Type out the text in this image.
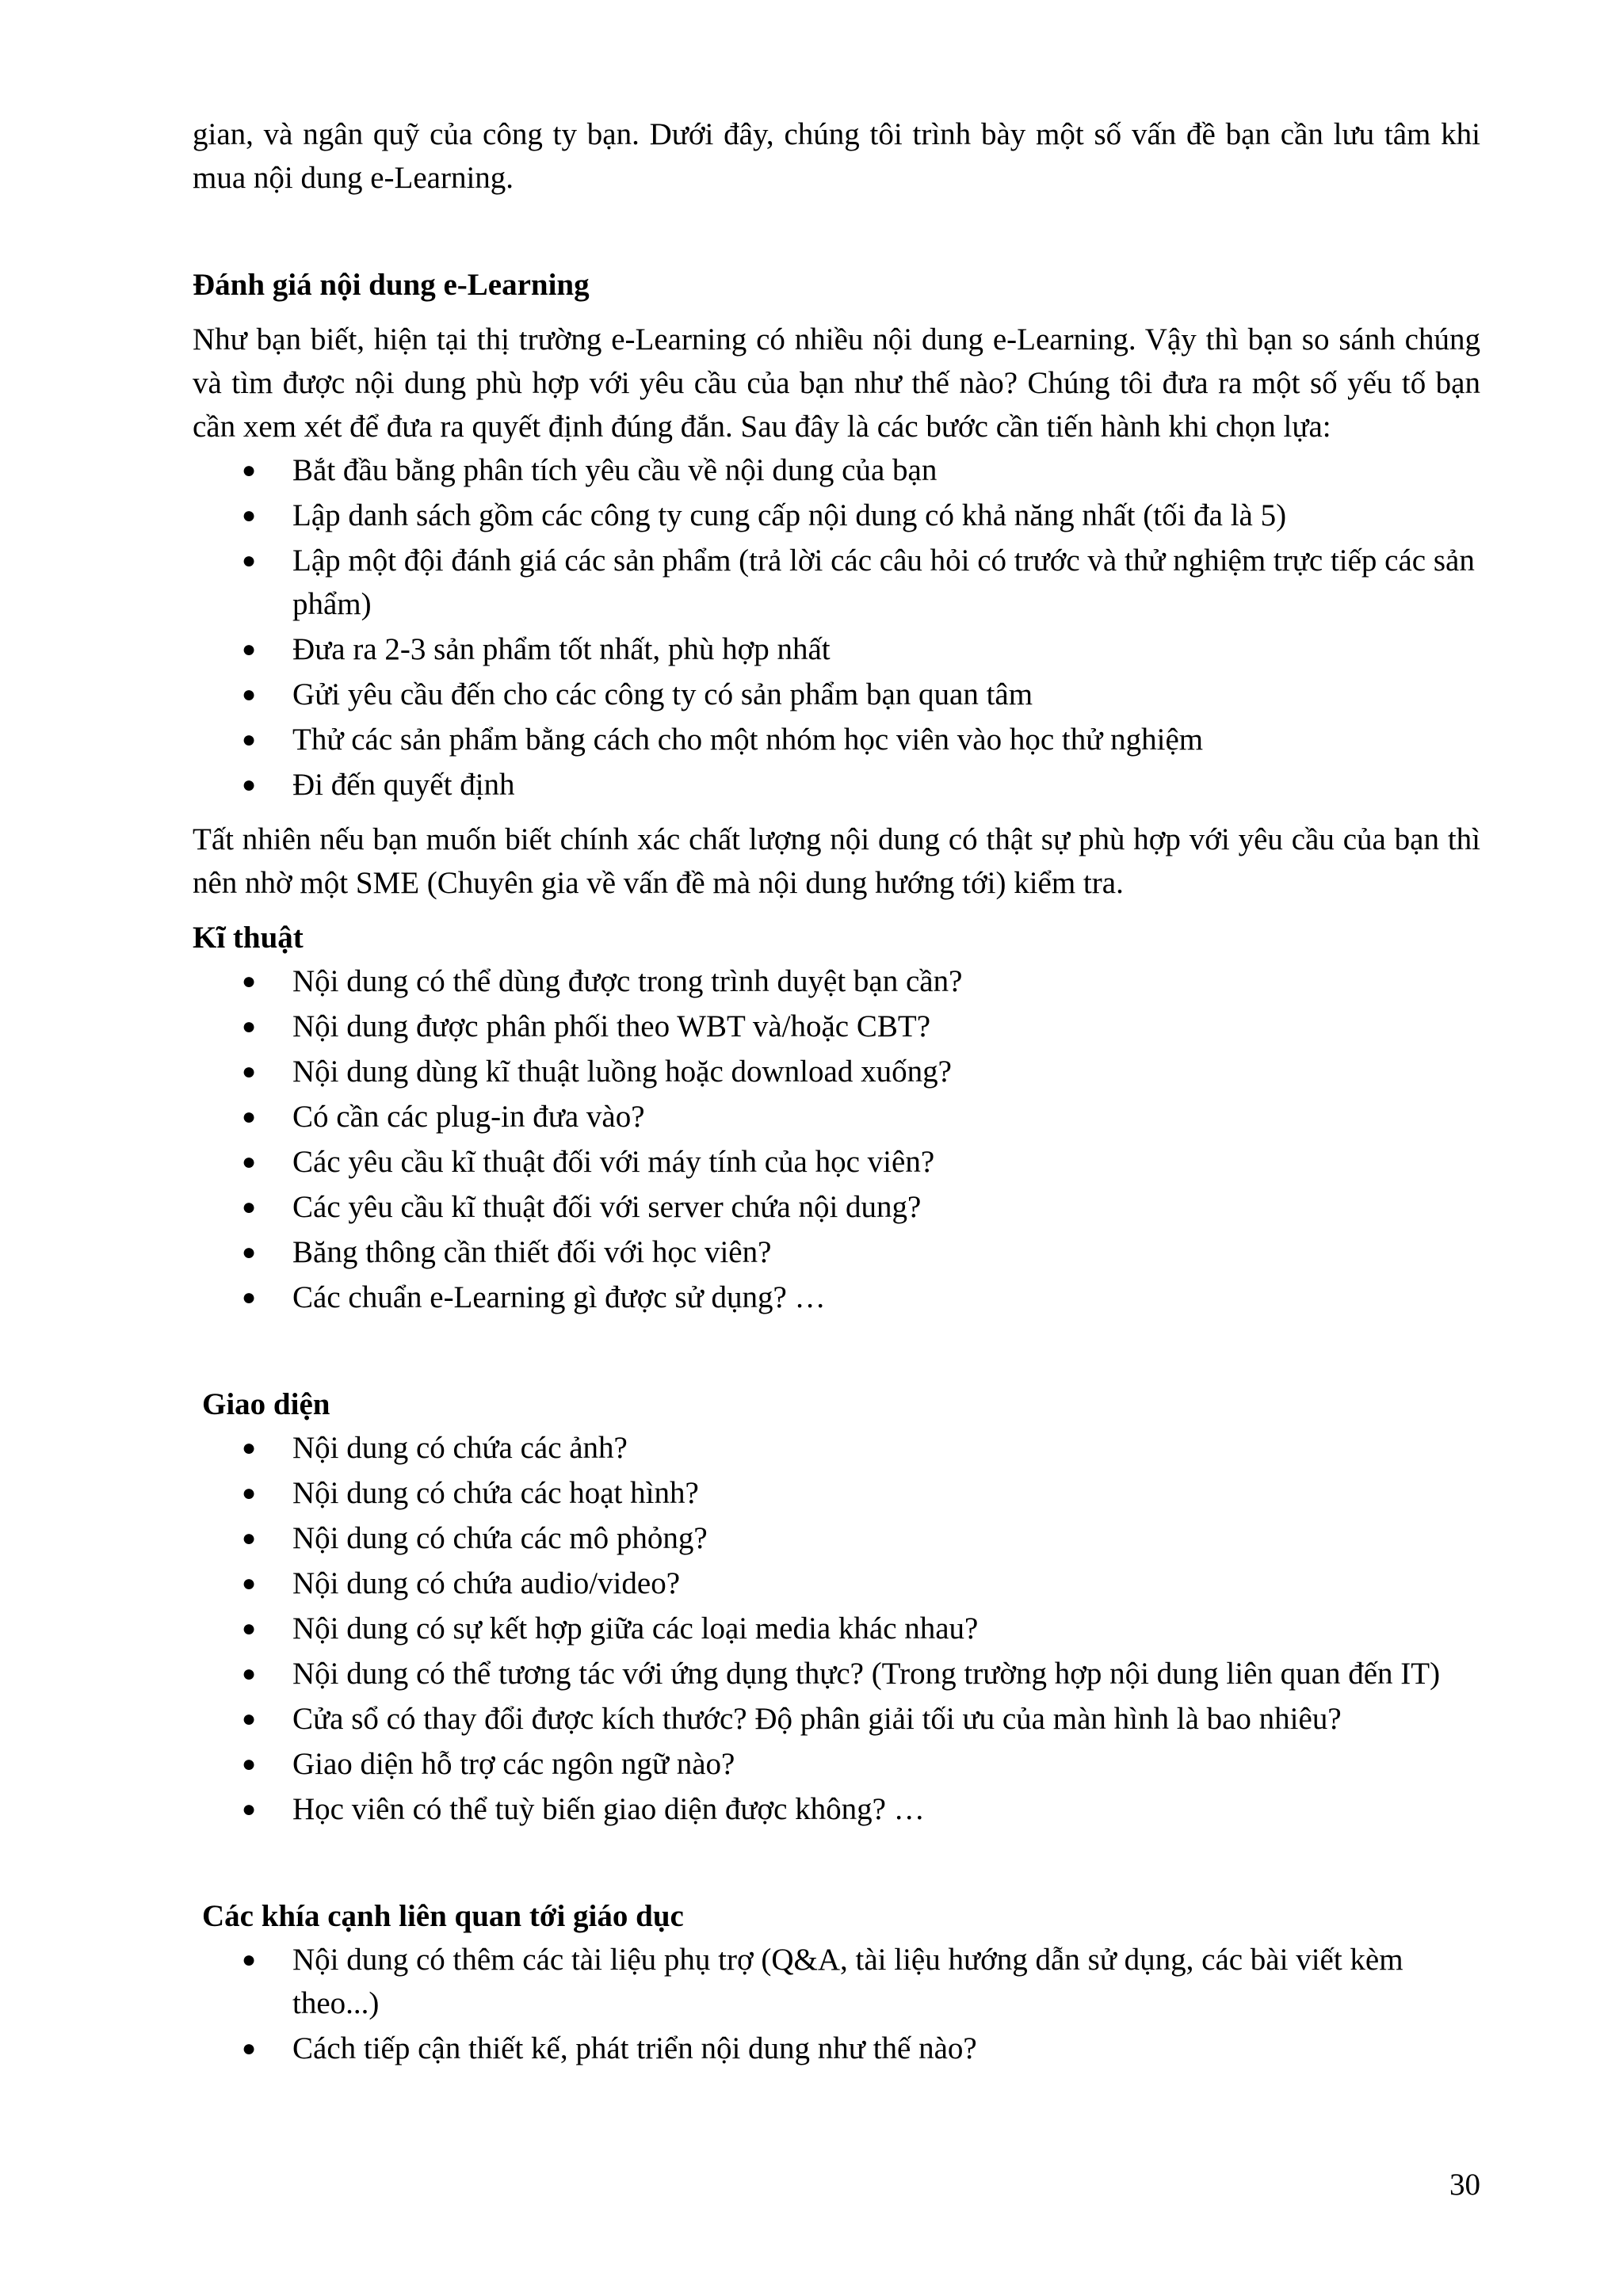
gian, và ngân quỹ của công ty bạn. Dưới đây, chúng tôi trình bày một số vấn đề bạn cần lưu tâm khi mua nội dung e-Learning.

Đánh giá nội dung e-Learning

Như bạn biết, hiện tại thị trường e-Learning có nhiều nội dung e-Learning. Vậy thì bạn so sánh chúng và tìm được nội dung phù hợp với yêu cầu của bạn như thế nào? Chúng tôi đưa ra một số yếu tố bạn cần xem xét để đưa ra quyết định đúng đắn. Sau đây là các bước cần tiến hành khi chọn lựa:

● Bắt đầu bằng phân tích yêu cầu về nội dung của bạn
● Lập danh sách gồm các công ty cung cấp nội dung có khả năng nhất (tối đa là 5)
● Lập một đội đánh giá các sản phẩm (trả lời các câu hỏi có trước và thử nghiệm trực tiếp các sản phẩm)
● Đưa ra 2-3 sản phẩm tốt nhất, phù hợp nhất
● Gửi yêu cầu đến cho các công ty có sản phẩm bạn quan tâm
● Thử các sản phẩm bằng cách cho một nhóm học viên vào học thử nghiệm
● Đi đến quyết định

Tất nhiên nếu bạn muốn biết chính xác chất lượng nội dung có thật sự phù hợp với yêu cầu của bạn thì nên nhờ một SME (Chuyên gia về vấn đề mà nội dung hướng tới) kiểm tra.

Kĩ thuật
● Nội dung có thể dùng được trong trình duyệt bạn cần?
● Nội dung được phân phối theo WBT và/hoặc CBT?
● Nội dung dùng kĩ thuật luồng hoặc download xuống?
● Có cần các plug-in đưa vào?
● Các yêu cầu kĩ thuật đối với máy tính của học viên?
● Các yêu cầu kĩ thuật đối với server chứa nội dung?
● Băng thông cần thiết đối với học viên?
● Các chuẩn e-Learning gì được sử dụng? …
Giao diện
● Nội dung có chứa các ảnh?
● Nội dung có chứa các hoạt hình?
● Nội dung có chứa các mô phỏng?
● Nội dung có chứa audio/video?
● Nội dung có sự kết hợp giữa các loại media khác nhau?
● Nội dung có thể tương tác với ứng dụng thực? (Trong trường hợp nội dung liên quan đến IT)
● Cửa sổ có thay đổi được kích thước? Độ phân giải tối ưu của màn hình là bao nhiêu?
● Giao diện hỗ trợ các ngôn ngữ nào?
● Học viên có thể tuỳ biến giao diện được không? …
Các khía cạnh liên quan tới giáo dục
● Nội dung có thêm các tài liệu phụ trợ (Q&A, tài liệu hướng dẫn sử dụng, các bài viết kèm theo...)
● Cách tiếp cận thiết kế, phát triển nội dung như thế nào?
30
